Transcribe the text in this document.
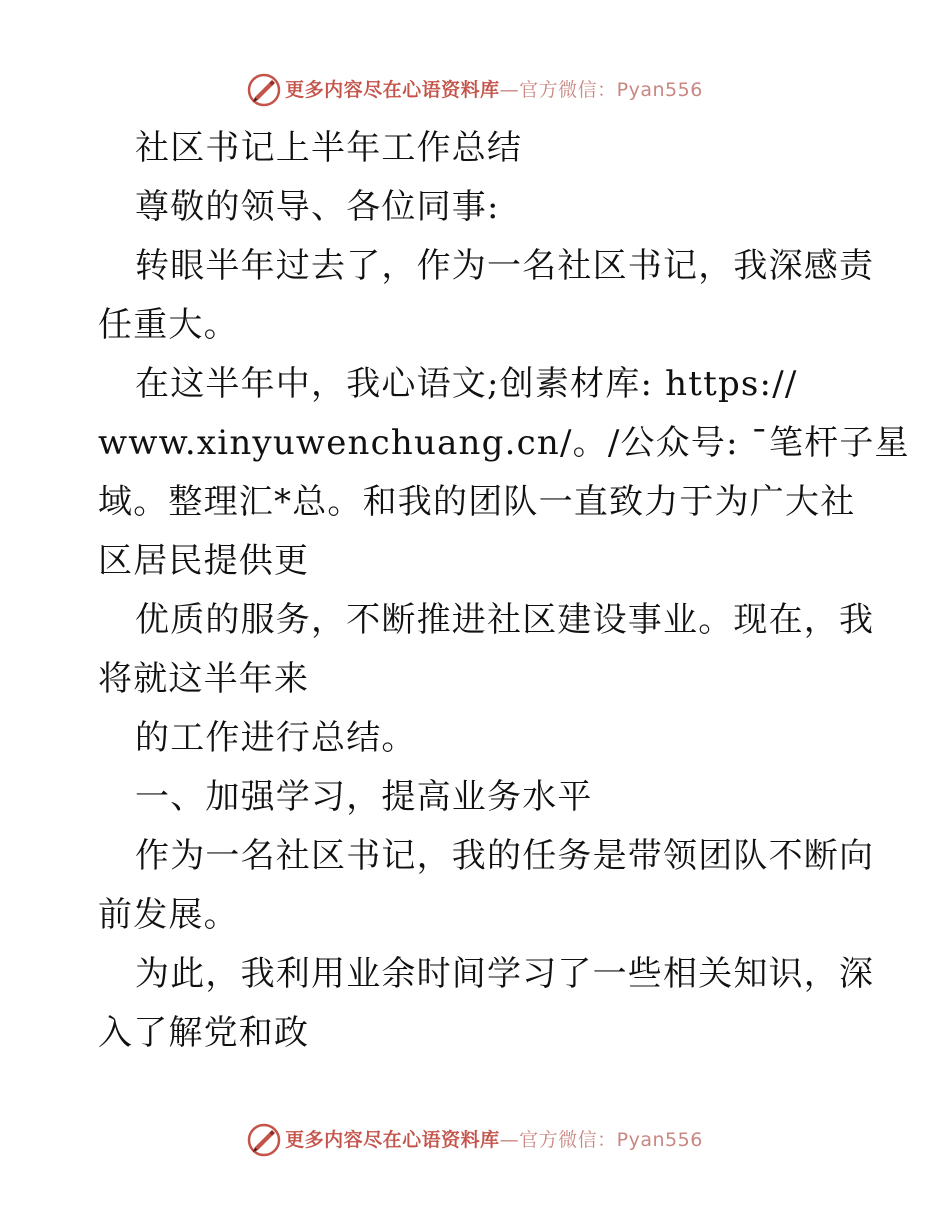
更多内容尽在心语资料库—官方微信：Pyan556
社区书记上半年工作总结
尊敬的领导、各位同事:
转眼半年过去了，作为一名社区书记，我深感责
任重大。
在这半年中，我心语文;创素材库: https://
www.xinyuwenchuang.cn/。/公众号: ¯笔杆子星
域。整理汇*总。和我的团队一直致力于为广大社
区居民提供更
优质的服务，不断推进社区建设事业。现在，我
将就这半年来
的工作进行总结。
一、加强学习，提高业务水平
作为一名社区书记，我的任务是带领团队不断向
前发展。
为此，我利用业余时间学习了一些相关知识，深
入了解党和政
更多内容尽在心语资料库—官方微信：Pyan556
